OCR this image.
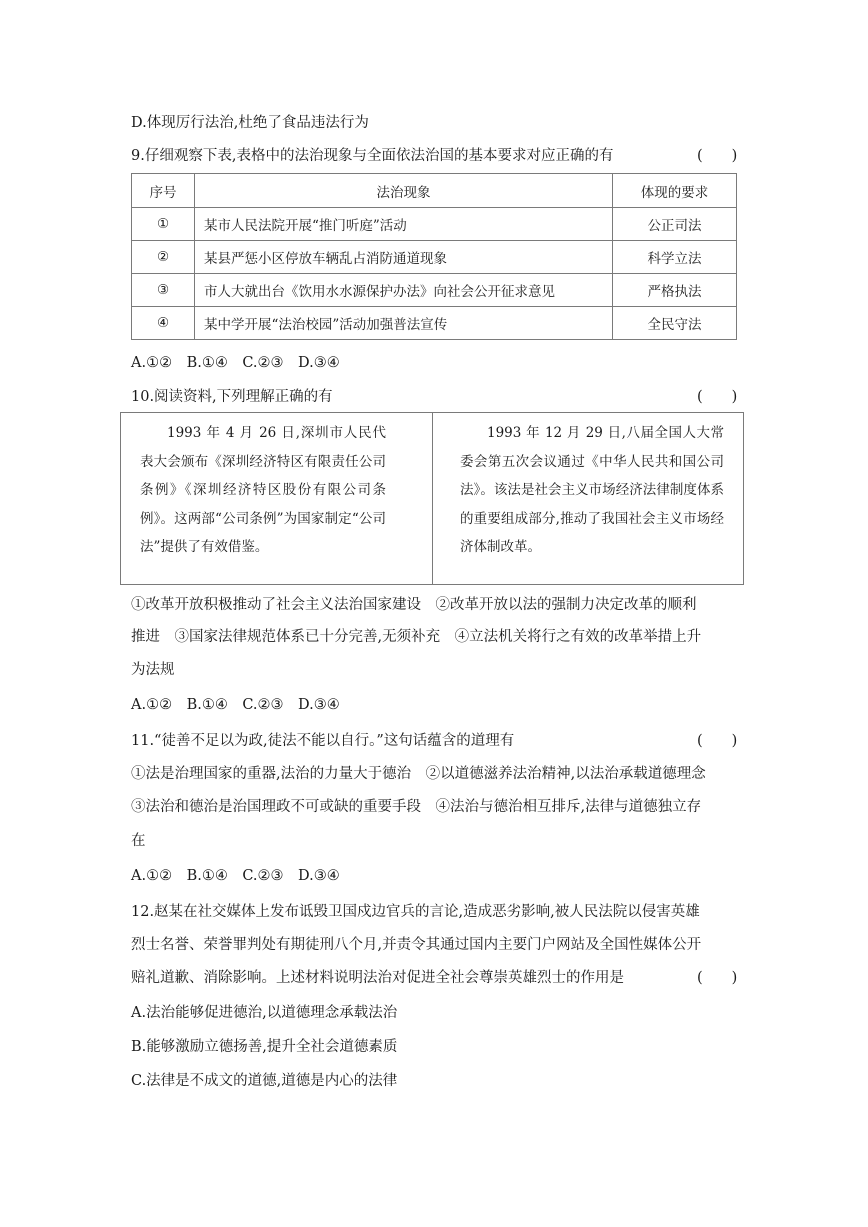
D.体现厉行法治,杜绝了食品违法行为
9.仔细观察下表,表格中的法治现象与全面依法治国的基本要求对应正确的有	(　　)
序号	法治现象	体现的要求
①	某市人民法院开展“推门听庭”活动	公正司法
②	某县严惩小区停放车辆乱占消防通道现象	科学立法
③	市人大就出台《饮用水水源保护办法》向社会公开征求意见	严格执法
④	某中学开展“法治校园”活动加强普法宣传	全民守法
A.①②　B.①④　C.②③　D.③④
10.阅读资料,下列理解正确的有	(　　)

1993 年 4 月 26 日,深圳市人民代表大会颁布《深圳经济特区有限责任公司条例》《深圳经济特区股份有限公司条例》。这两部“公司条例”为国家制定“公司法”提供了有效借鉴。

1993 年 12 月 29 日,八届全国人大常委会第五次会议通过《中华人民共和国公司法》。该法是社会主义市场经济法律制度体系的重要组成部分,推动了我国社会主义市场经济体制改革。

①改革开放积极推动了社会主义法治国家建设　②改革开放以法的强制力决定改革的顺利
推进　③国家法律规范体系已十分完善,无须补充　④立法机关将行之有效的改革举措上升
为法规
A.①②　B.①④　C.②③　D.③④
11.“徒善不足以为政,徒法不能以自行。”这句话蕴含的道理有	(　　)
①法是治理国家的重器,法治的力量大于德治　②以道德滋养法治精神,以法治承载道德理念
③法治和德治是治国理政不可或缺的重要手段　④法治与德治相互排斥,法律与道德独立存
在
A.①②　B.①④　C.②③　D.③④
12.赵某在社交媒体上发布诋毁卫国戍边官兵的言论,造成恶劣影响,被人民法院以侵害英雄
烈士名誉、荣誉罪判处有期徒刑八个月,并责令其通过国内主要门户网站及全国性媒体公开
赔礼道歉、消除影响。上述材料说明法治对促进全社会尊崇英雄烈士的作用是	(　　)
A.法治能够促进德治,以道德理念承载法治
B.能够激励立德扬善,提升全社会道德素质
C.法律是不成文的道德,道德是内心的法律
